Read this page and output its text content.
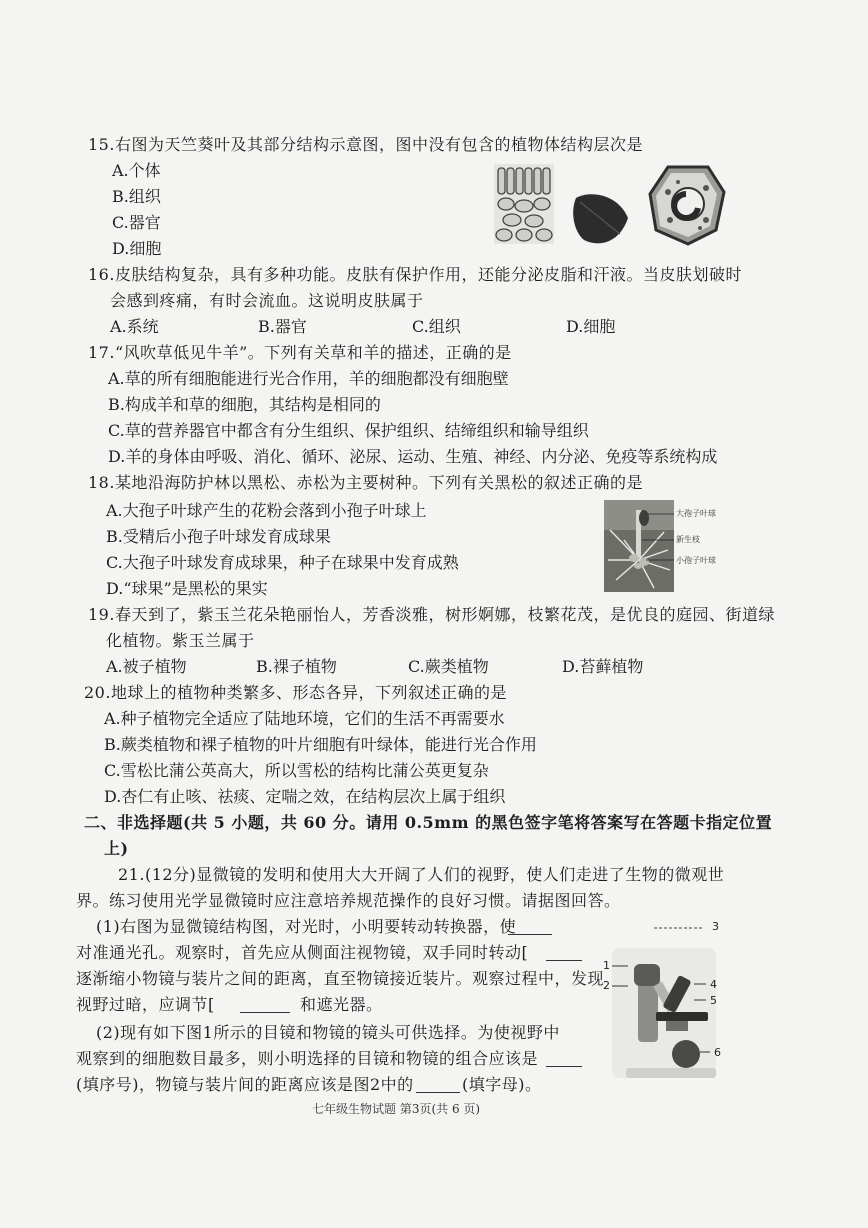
15.右图为天竺葵叶及其部分结构示意图，图中没有包含的植物体结构层次是
A.个体
B.组织
C.器官
D.细胞
16.皮肤结构复杂，具有多种功能。皮肤有保护作用，还能分泌皮脂和汗液。当皮肤划破时
会感到疼痛，有时会流血。这说明皮肤属于
A.系统	B.器官	C.组织	D.细胞
17.“风吹草低见牛羊”。下列有关草和羊的描述，正确的是
A.草的所有细胞能进行光合作用，羊的细胞都没有细胞壁
B.构成羊和草的细胞，其结构是相同的
C.草的营养器官中都含有分生组织、保护组织、结缔组织和输导组织
D.羊的身体由呼吸、消化、循环、泌尿、运动、生殖、神经、内分泌、免疫等系统构成
18.某地沿海防护林以黑松、赤松为主要树种。下列有关黑松的叙述正确的是
A.大孢子叶球产生的花粉会落到小孢子叶球上
B.受精后小孢子叶球发育成球果
C.大孢子叶球发育成球果，种子在球果中发育成熟
D.“球果”是黑松的果实
大孢子叶球
新生枝
小孢子叶球
19.春天到了，紫玉兰花朵艳丽怡人，芳香淡雅，树形婀娜，枝繁花茂，是优良的庭园、街道绿
化植物。紫玉兰属于
A.被子植物	B.裸子植物	C.蕨类植物	D.苔藓植物
20.地球上的植物种类繁多、形态各异，下列叙述正确的是
A.种子植物完全适应了陆地环境，它们的生活不再需要水
B.蕨类植物和裸子植物的叶片细胞有叶绿体，能进行光合作用
C.雪松比蒲公英高大，所以雪松的结构比蒲公英更复杂
D.杏仁有止咳、祛痰、定喘之效，在结构层次上属于组织
二、非选择题(共 5 小题，共 60 分。请用 0.5mm 的黑色签字笔将答案写在答题卡指定位置
上)
21.(12分)显微镜的发明和使用大大开阔了人们的视野，使人们走进了生物的微观世
界。练习使用光学显微镜时应注意培养规范操作的良好习惯。请据图回答。
(1)右图为显微镜结构图，对光时，小明要转动转换器，使
对准通光孔。观察时，首先应从侧面注视物镜，双手同时转动[
逐渐缩小物镜与装片之间的距离，直至物镜接近装片。观察过程中，发现
视野过暗，应调节[	和遮光器。
(2)现有如下图1所示的目镜和物镜的镜头可供选择。为使视野中
观察到的细胞数目最多，则小明选择的目镜和物镜的组合应该是
(填序号)，物镜与装片间的距离应该是图2中的	(填字母)。
3
1
2	4
5
6
七年级生物试题 第3页(共 6 页)
